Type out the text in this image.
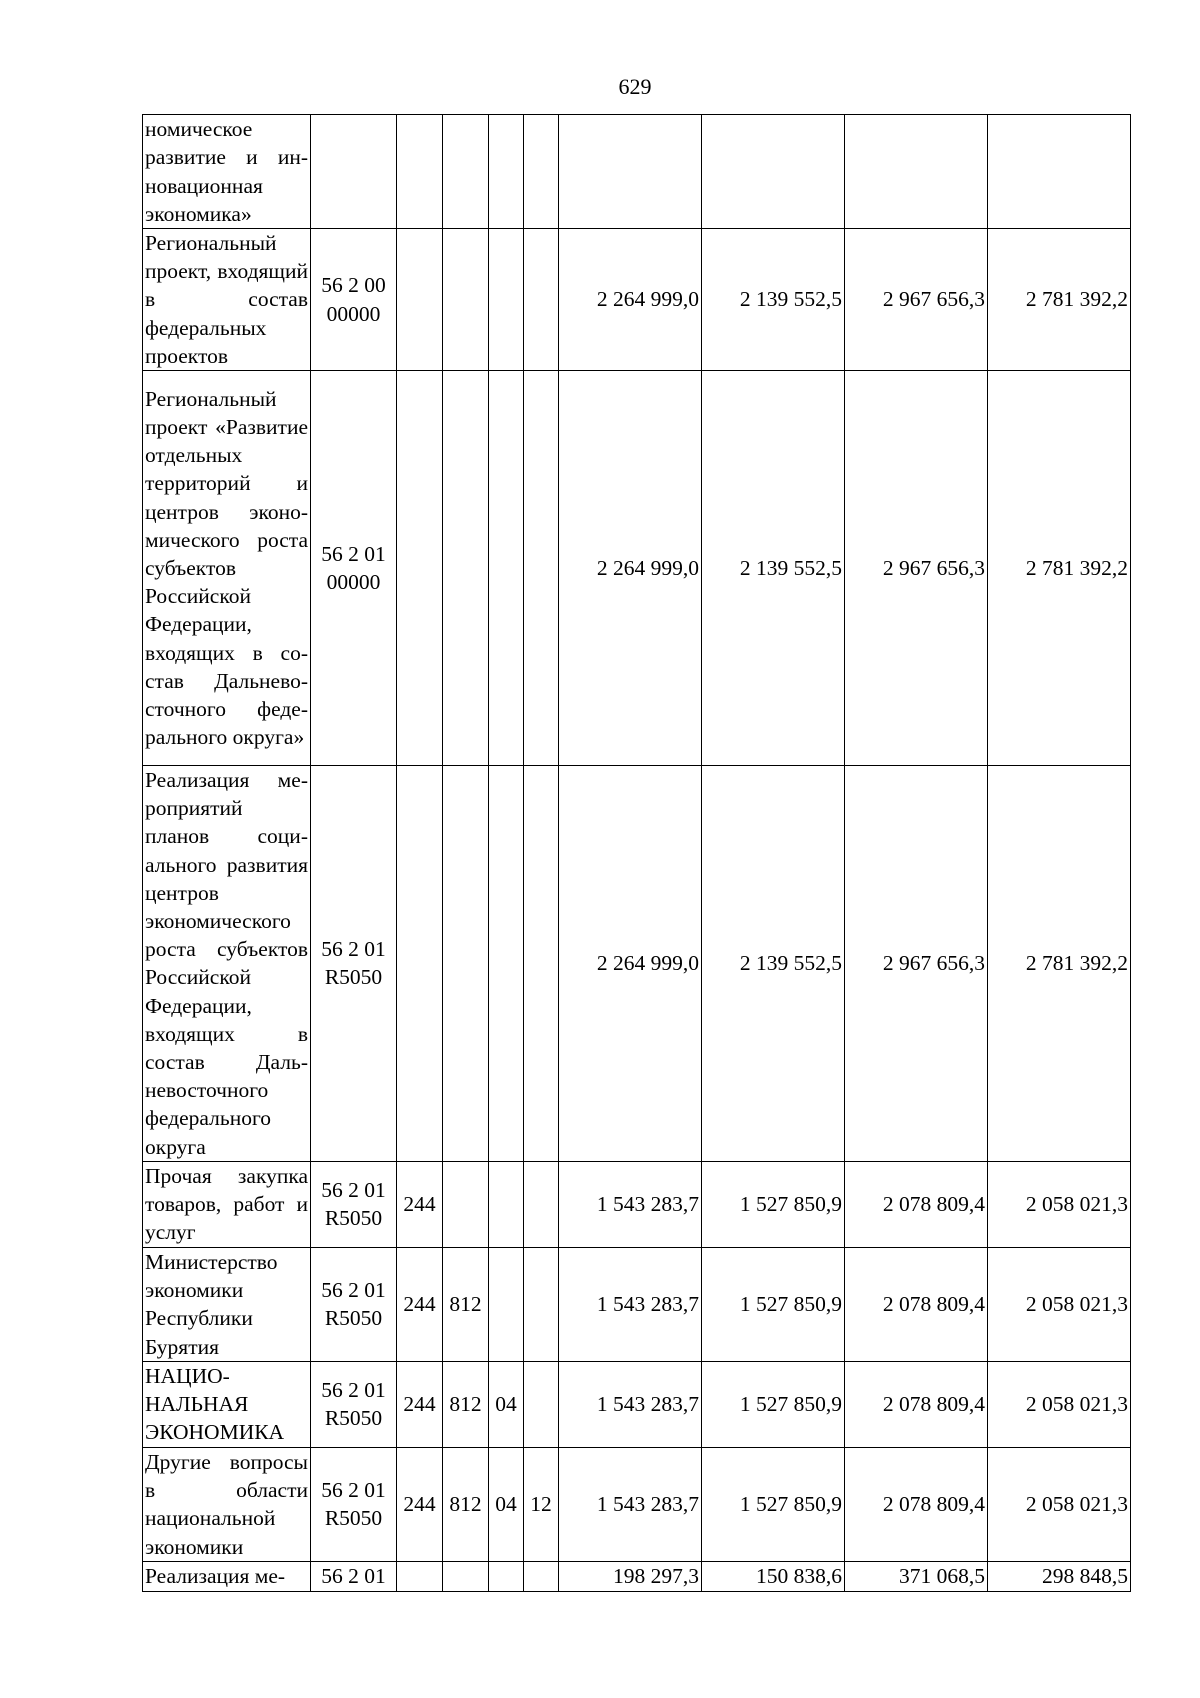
629
номическое развитие и инновационная экономика»									
Региональный проект, входящий в состав федеральных проектов	56 2 00 00000					2 264 999,0	2 139 552,5	2 967 656,3	2 781 392,2
Региональный проект «Развитие отдельных территорий и центров экономического роста субъектов Российской Федерации, входящих в состав Дальневосточного федерального округа»	56 2 01 00000					2 264 999,0	2 139 552,5	2 967 656,3	2 781 392,2
Реализация мероприятий планов социального развития центров экономического роста субъектов Российской Федерации, входящих в состав Дальневосточного федерального округа	56 2 01 R5050					2 264 999,0	2 139 552,5	2 967 656,3	2 781 392,2
Прочая закупка товаров, работ и услуг	56 2 01 R5050	244				1 543 283,7	1 527 850,9	2 078 809,4	2 058 021,3
Министерство экономики Республики Бурятия	56 2 01 R5050	244	812			1 543 283,7	1 527 850,9	2 078 809,4	2 058 021,3
НАЦИОНАЛЬНАЯ ЭКОНОМИКА	56 2 01 R5050	244	812	04		1 543 283,7	1 527 850,9	2 078 809,4	2 058 021,3
Другие вопросы в области национальной экономики	56 2 01 R5050	244	812	04	12	1 543 283,7	1 527 850,9	2 078 809,4	2 058 021,3
Реализация ме-	56 2 01					198 297,3	150 838,6	371 068,5	298 848,5
